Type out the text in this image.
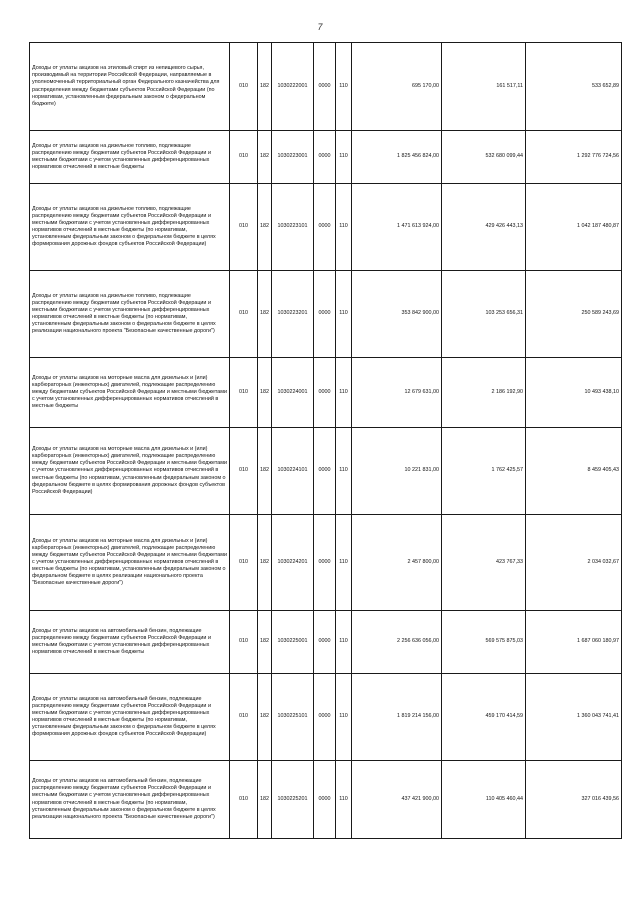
7
Доходы от уплаты акцизов на этиловый спирт из непищевого сырья, производимый на территории Российской Федерации, направляемые в уполномоченный территориальный орган Федерального казначейства для распределения между бюджетами субъектов Российской Федерации (по нормативам, установленным федеральным законом о федеральном бюджете)	010	182	1030222001	0000	110	695 170,00	161 517,11	533 652,89
Доходы от уплаты акцизов на дизельное топливо, подлежащие распределению между бюджетами субъектов Российской Федерации и местными бюджетами с учетом установленных дифференцированных нормативов отчислений в местные бюджеты	010	182	1030223001	0000	110	1 825 456 824,00	532 680 099,44	1 292 776 724,56
Доходы от уплаты акцизов на дизельное топливо, подлежащие распределению между бюджетами субъектов Российской Федерации и местными бюджетами с учетом установленных дифференцированных нормативов отчислений в местные бюджеты (по нормативам, установленным федеральным законом о федеральном бюджете в целях формирования дорожных фондов субъектов Российской Федерации)	010	182	1030223101	0000	110	1 471 613 924,00	429 426 443,13	1 042 187 480,87
Доходы от уплаты акцизов на дизельное топливо, подлежащие распределению между бюджетами субъектов Российской Федерации и местными бюджетами с учетом установленных дифференцированных нормативов отчислений в местные бюджеты (по нормативам, установленным федеральным законом о федеральном бюджете в целях реализации национального проекта "Безопасные качественные дороги")	010	182	1030223201	0000	110	353 842 900,00	103 253 656,31	250 589 243,69
Доходы от уплаты акцизов на моторные масла для дизельных и (или) карбюраторных (инжекторных) двигателей, подлежащие распределению между бюджетами субъектов Российской Федерации и местными бюджетами с учетом установленных дифференцированных нормативов отчислений в местные бюджеты	010	182	1030224001	0000	110	12 679 631,00	2 186 192,90	10 493 438,10
Доходы от уплаты акцизов на моторные масла для дизельных и (или) карбюраторных (инжекторных) двигателей, подлежащие распределению между бюджетами субъектов Российской Федерации и местными бюджетами с учетом установленных дифференцированных нормативов отчислений в местные бюджеты (по нормативам, установленным федеральным законом о федеральном бюджете в целях формирования дорожных фондов субъектов Российской Федерации)	010	182	1030224101	0000	110	10 221 831,00	1 762 425,57	8 459 405,43
Доходы от уплаты акцизов на моторные масла для дизельных и (или) карбюраторных (инжекторных) двигателей, подлежащие распределению между бюджетами субъектов Российской Федерации и местными бюджетами с учетом установленных дифференцированных нормативов отчислений в местные бюджеты (по нормативам, установленным федеральным законом о федеральном бюджете в целях реализации национального проекта "Безопасные качественные дороги")	010	182	1030224201	0000	110	2 457 800,00	423 767,33	2 034 032,67
Доходы от уплаты акцизов на автомобильный бензин, подлежащие распределению между бюджетами субъектов Российской Федерации и местными бюджетами с учетом установленных дифференцированных нормативов отчислений в местные бюджеты	010	182	1030225001	0000	110	2 256 636 056,00	569 575 875,03	1 687 060 180,97
Доходы от уплаты акцизов на автомобильный бензин, подлежащие распределению между бюджетами субъектов Российской Федерации и местными бюджетами с учетом установленных дифференцированных нормативов отчислений в местные бюджеты (по нормативам, установленным федеральным законом о федеральном бюджете в целях формирования дорожных фондов субъектов Российской Федерации)	010	182	1030225101	0000	110	1 819 214 156,00	459 170 414,59	1 360 043 741,41
Доходы от уплаты акцизов на автомобильный бензин, подлежащие распределению между бюджетами субъектов Российской Федерации и местными бюджетами с учетом установленных дифференцированных нормативов отчислений в местные бюджеты (по нормативам, установленным федеральным законом о федеральном бюджете в целях реализации национального проекта "Безопасные качественные дороги")	010	182	1030225201	0000	110	437 421 900,00	110 405 460,44	327 016 439,56
